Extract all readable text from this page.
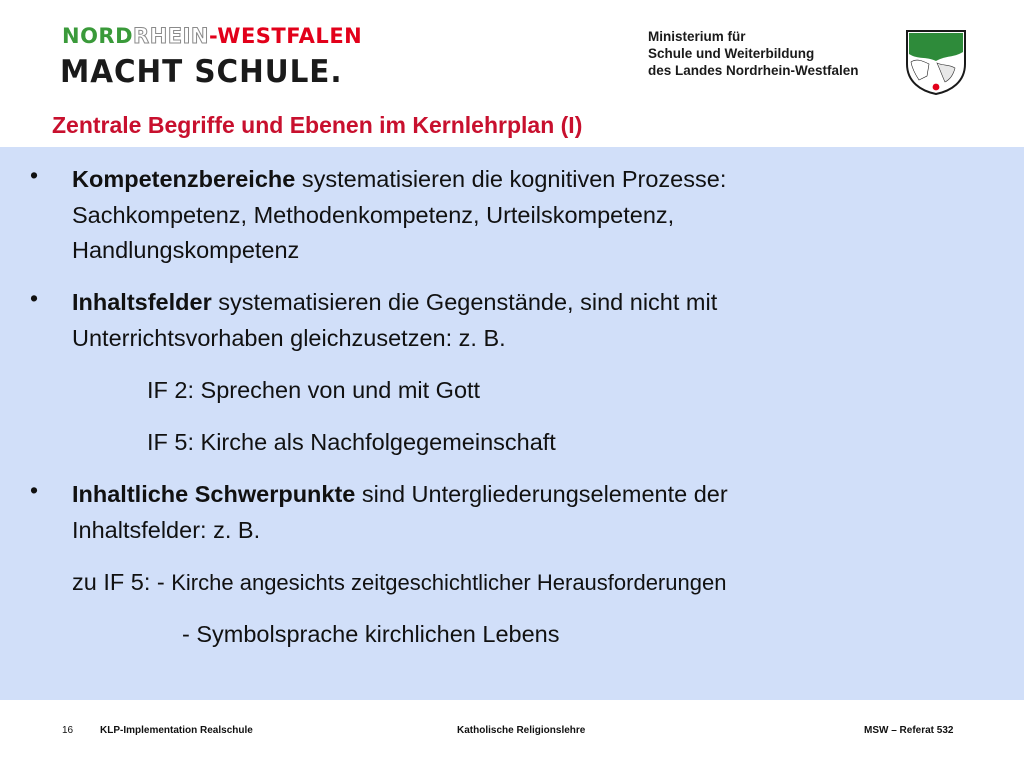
NORDRHEIN-WESTFALEN
MACHT SCHULE.
Ministerium für
Schule und Weiterbildung
des Landes Nordrhein-Westfalen
Zentrale Begriffe und Ebenen im Kernlehrplan (I)
• Kompetenzbereiche systematisieren die kognitiven Prozesse:
Sachkompetenz, Methodenkompetenz, Urteilskompetenz,
Handlungskompetenz
• Inhaltsfelder systematisieren die Gegenstände, sind nicht mit
Unterrichtsvorhaben gleichzusetzen: z. B.
IF 2: Sprechen von und mit Gott
IF 5: Kirche als Nachfolgegemeinschaft
• Inhaltliche Schwerpunkte sind Untergliederungselemente der
Inhaltsfelder: z. B.
zu IF 5: - Kirche angesichts zeitgeschichtlicher Herausforderungen
- Symbolsprache kirchlichen Lebens
16	KLP-Implementation Realschule	Katholische Religionslehre	MSW – Referat 532
